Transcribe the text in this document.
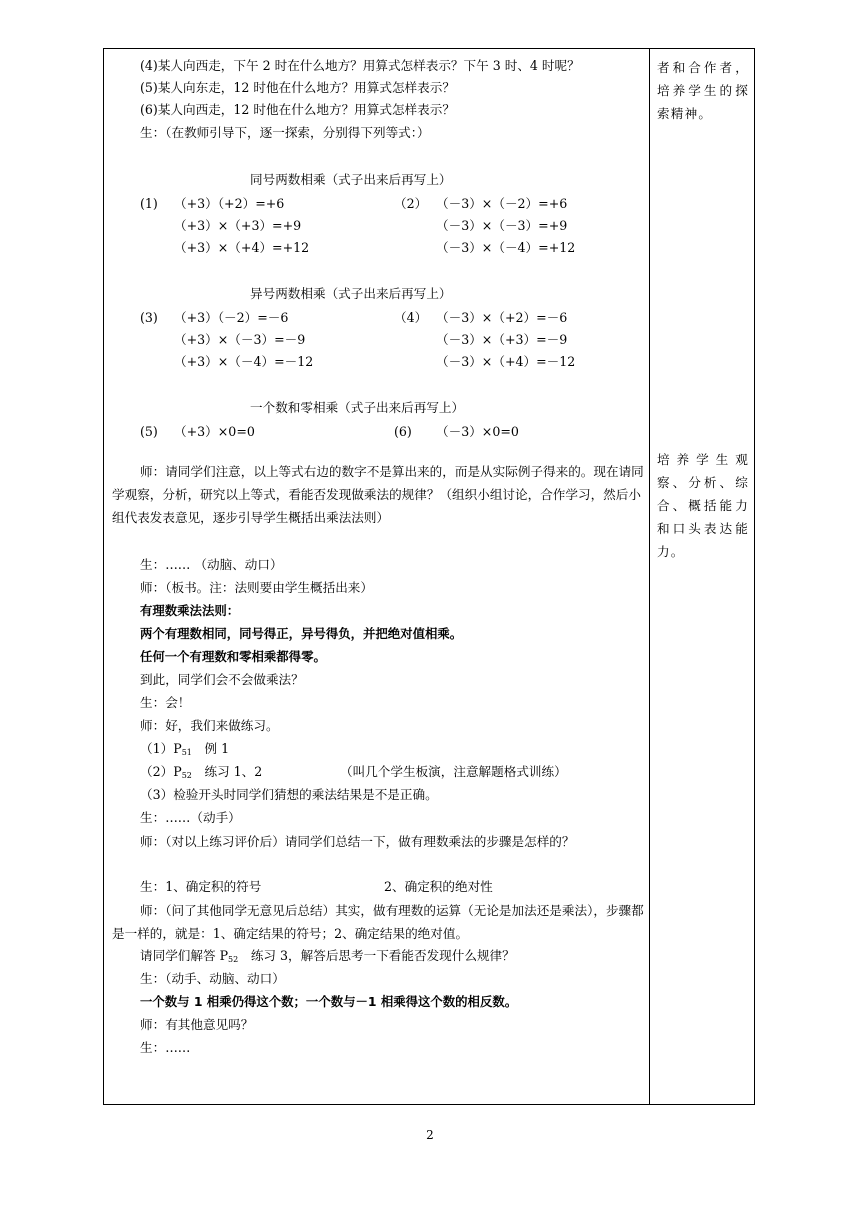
(4)某人向西走，下午 2 时在什么地方？用算式怎样表示？下午 3 时、4 时呢？
(5)某人向东走，12 时他在什么地方？用算式怎样表示？
(6)某人向西走，12 时他在什么地方？用算式怎样表示？
生：（在教师引导下，逐一探索，分别得下列等式：）
同号两数相乘（式子出来后再写上）
(1) （+3）（+2）=+6	（2） （－3）×（－2）=+6
（+3）×（+3）=+9	（－3）×（－3）=+9
（+3）×（+4）=+12	（－3）×（－4）=+12
异号两数相乘（式子出来后再写上）
(3) （+3）（－2）=－6	（4） （－3）×（+2）=－6
（+3）×（－3）=－9	（－3）×（+3）=－9
（+3）×（－4）=－12	（－3）×（+4）=－12
一个数和零相乘（式子出来后再写上）
(5) （+3）×0=0	(6) （－3）×0=0
师：请同学们注意，以上等式右边的数字不是算出来的，而是从实际例子得来的。现在请同学观察，分析，研究以上等式，看能否发现做乘法的规律？（组织小组讨论，合作学习，然后小组代表发表意见，逐步引导学生概括出乘法法则）
生：…… （动脑、动口）
师：（板书。注：法则要由学生概括出来）
有理数乘法法则：
两个有理数相同，同号得正，异号得负，并把绝对值相乘。
任何一个有理数和零相乘都得零。
到此，同学们会不会做乘法？
生：会！
师：好，我们来做练习。
$(1)P_{51}$　例 1
$(2)P_{52}$　练习 1、2	（叫几个学生板演，注意解题格式训练）
（3）检验开头时同学们猜想的乘法结果是不是正确。
生：……（动手）
师：（对以上练习评价后）请同学们总结一下，做有理数乘法的步骤是怎样的？
生：1、确定积的符号	2、确定积的绝对性
师：（问了其他同学无意见后总结）其实，做有理数的运算（无论是加法还是乘法），步骤都是一样的，就是：1、确定结果的符号；2、确定结果的绝对值。
请同学们解答 $P_{52}$　练习 3，解答后思考一下看能否发现什么规律？
生：（动手、动脑、动口）
一个数与 1 相乘仍得这个数；一个数与－1 相乘得这个数的相反数。
师：有其他意见吗？
生：……
者和合作者，培养学生的探索精神。
培养学生观察、分析、综合、概括能力和口头表达能力。
2
